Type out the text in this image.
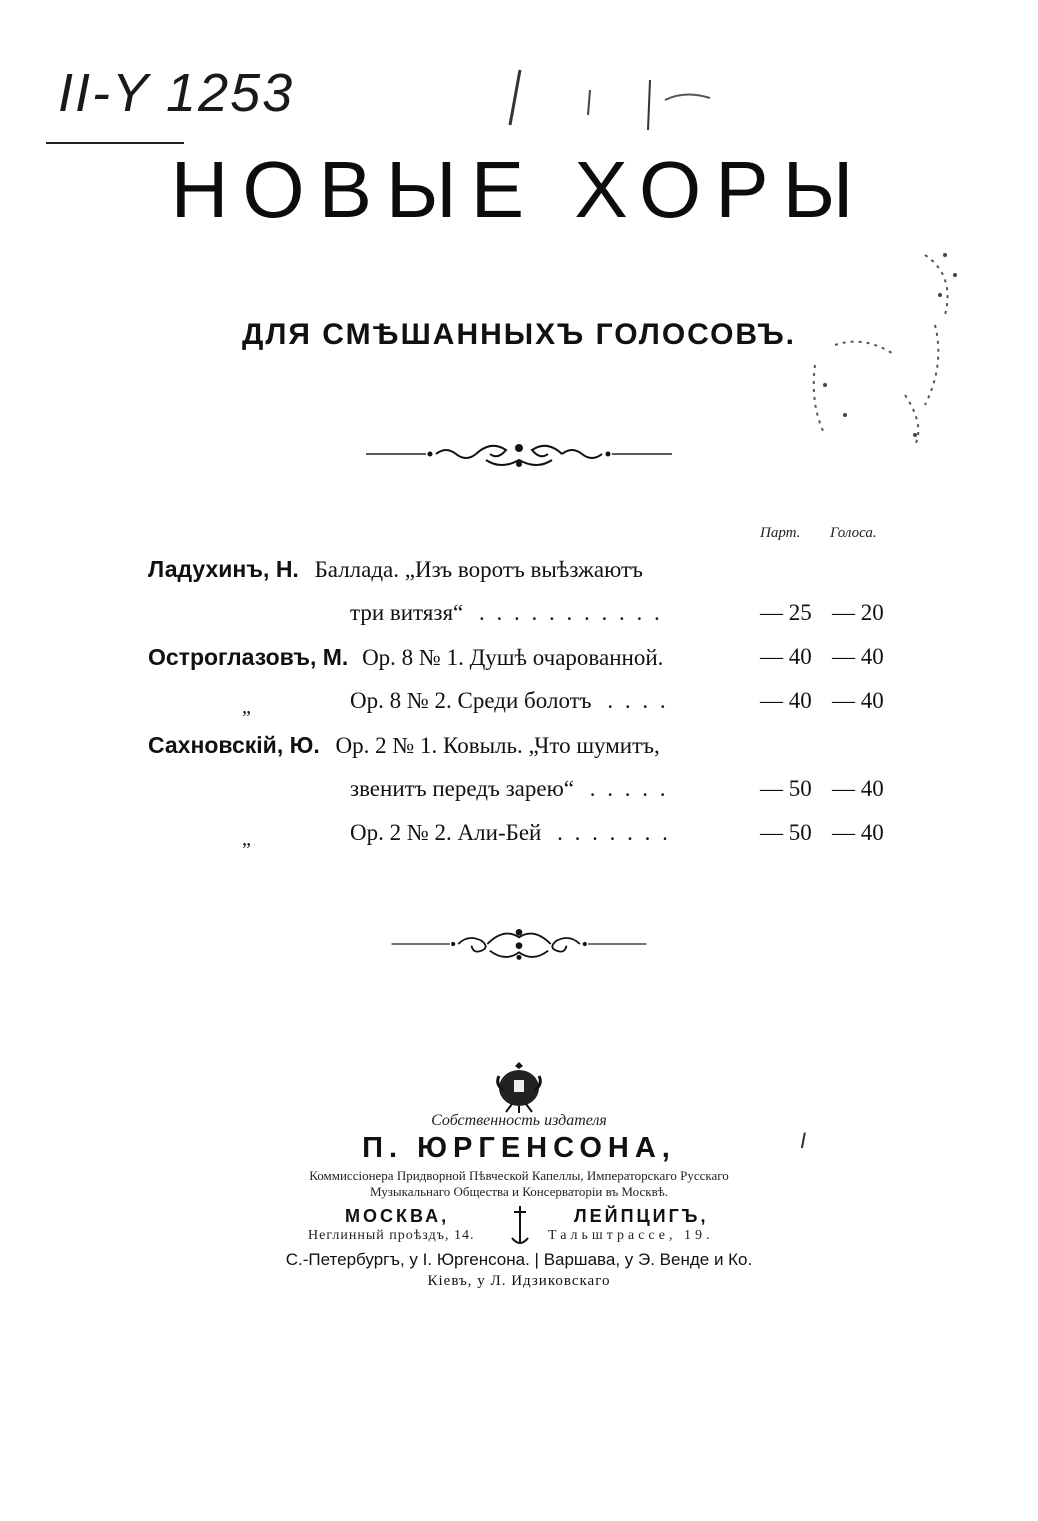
II-Y 1253
I
НОВЫЕ ХОРЫ
ДЛЯ СМѢШАННЫХЪ ГОЛОСОВЪ.
Парт. Голоса.
Ладухинъ, Н. Баллада. „Изъ воротъ выѣзжаютъ
три витязя“ . . . . . . . . . . .	— 25 — 20
Остроглазовъ, М. Op. 8 № 1. Душѣ очарованной.	— 40 — 40
„	Op. 8 № 2. Среди болотъ . . . .	— 40 — 40
Сахновскій, Ю. Op. 2 № 1. Ковыль. „Что шумитъ,
звенитъ передъ зарею“ . . . . .	— 50 — 40
„	Op. 2 № 2. Али-Бей . . . . . . .	— 50 — 40
Собственность издателя
П. ЮРГЕНСОНА,
Коммиссіонера Придворной Пѣвческой Капеллы, Императорскаго Русскаго
Музыкальнаго Общества и Консерваторіи въ Москвѣ.
МОСКВА,	ЛЕЙПЦИГЪ,
Неглинный проѣздъ, 14.	Тальштрассе, 19.
С.-Петербургъ, у І. Юргенсона. | Варшава, у Э. Венде и Ко.
Кіевъ, у Л. Идзиковскаго
